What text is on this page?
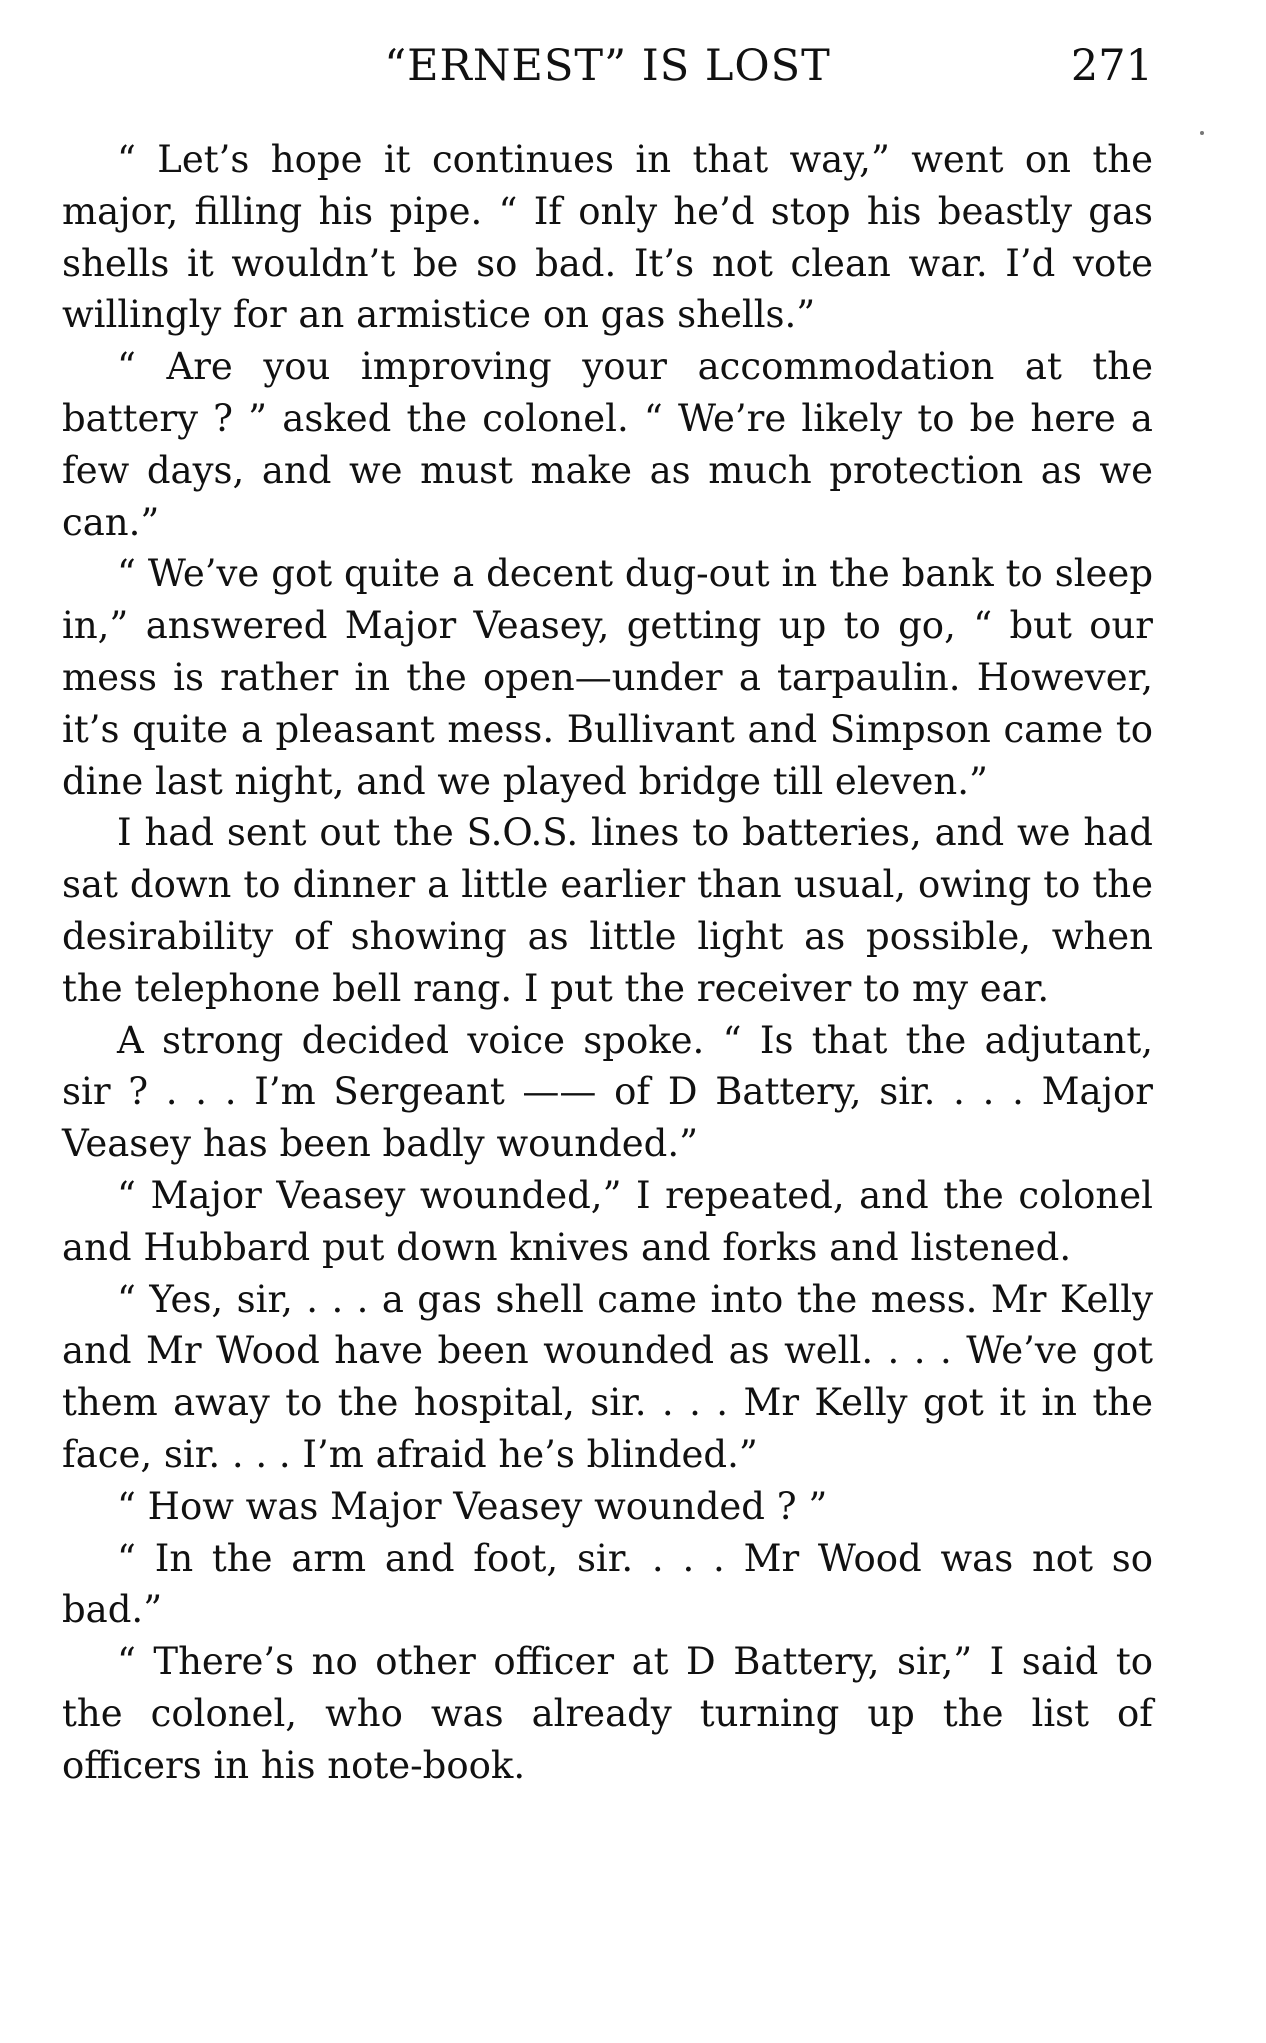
“ERNEST” IS LOST	271

“ Let’s hope it continues in that way,” went on the major, filling his pipe. “ If only he’d stop his beastly gas shells it wouldn’t be so bad. It’s not clean war. I’d vote willingly for an armistice on gas shells.”

“ Are you improving your accommodation at the battery ? ” asked the colonel. “ We’re likely to be here a few days, and we must make as much protection as we can.”

“ We’ve got quite a decent dug-out in the bank to sleep in,” answered Major Veasey, getting up to go, “ but our mess is rather in the open—under a tarpaulin. However, it’s quite a pleasant mess. Bullivant and Simpson came to dine last night, and we played bridge till eleven.”

I had sent out the S.O.S. lines to batteries, and we had sat down to dinner a little earlier than usual, owing to the desirability of showing as little light as possible, when the telephone bell rang. I put the receiver to my ear.

A strong decided voice spoke. “ Is that the adjutant, sir ? . . . I’m Sergeant —— of D Battery, sir. . . . Major Veasey has been badly wounded.”

“ Major Veasey wounded,” I repeated, and the colonel and Hubbard put down knives and forks and listened.

“ Yes, sir, . . . a gas shell came into the mess. Mr Kelly and Mr Wood have been wounded as well. . . . We’ve got them away to the hospital, sir. . . . Mr Kelly got it in the face, sir. . . . I’m afraid he’s blinded.”

“ How was Major Veasey wounded ? ”

“ In the arm and foot, sir. . . . Mr Wood was not so bad.”

“ There’s no other officer at D Battery, sir,” I said to the colonel, who was already turning up the list of officers in his note-book.
